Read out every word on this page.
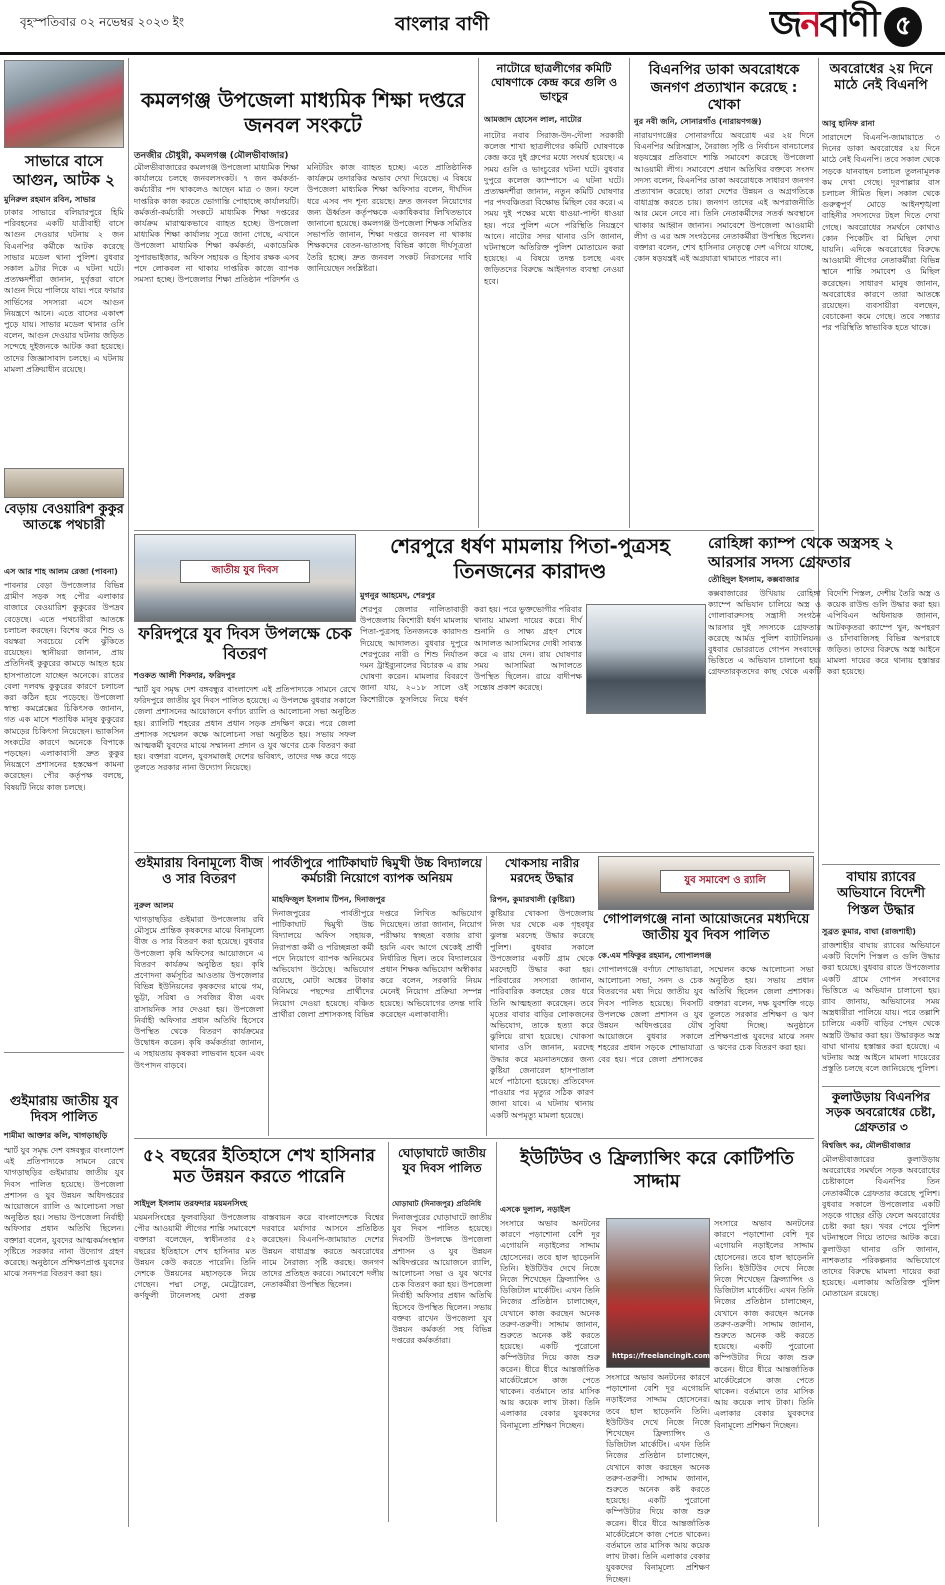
বৃহস্পতিবার ০২ নভেম্বর ২০২৩ ইং	বাংলার বাণী	জ ন বাণী ৫
সাভারে বাসে আগুন, আটক ২
মুনিরুল রহমান রবিন, সাভার
ঢাকার সাভারে বলিয়ারপুরে হিমি পরিবহনের একটি যাত্রীবাহী বাসে আগুন দেওয়ার ঘটনায় ২ জন বিএনপির কর্মীকে আটক করেছে সাভার মডেল থানা পুলিশ। বুধবার সকাল ৯টার দিকে এ ঘটনা ঘটে। প্রত্যক্ষদর্শীরা জানান, দুর্বৃত্তরা বাসে আগুন দিয়ে পালিয়ে যায়। পরে ফায়ার সার্ভিসের সদস্যরা এসে আগুন নিয়ন্ত্রণে আনে। এতে বাসের একাংশ পুড়ে যায়। সাভার মডেল থানার ওসি বলেন, আগুন দেওয়ার ঘটনায় জড়িত সন্দেহে দুইজনকে আটক করা হয়েছে। তাদের জিজ্ঞাসাবাদ চলছে। এ ঘটনায় মামলা প্রক্রিয়াধীন রয়েছে।
বেড়ায় বেওয়ারিশ কুকুর আতঙ্কে পথচারী
এস আর শাহ আলম রেজা (পাবনা)
পাবনার বেড়া উপজেলার বিভিন্ন গ্রামীণ সড়ক সহ পৌর এলাকার বাজারে বেওয়ারিশ কুকুরের উপদ্রব বেড়েছে। এতে পথচারীরা আতঙ্কে চলাচল করছেন। বিশেষ করে শিশু ও বয়স্করা সবচেয়ে বেশি ঝুঁকিতে রয়েছেন। স্থানীয়রা জানান, প্রায় প্রতিদিনই কুকুরের কামড়ে আহত হয়ে হাসপাতালে যাচ্ছেন অনেকে। রাতের বেলা দলবদ্ধ কুকুরের কারণে চলাচল করা কঠিন হয়ে পড়েছে। উপজেলা স্বাস্থ্য কমপ্লেক্সের চিকিৎসক জানান, গত এক মাসে শতাধিক মানুষ কুকুরের কামড়ের চিকিৎসা নিয়েছেন। ভ্যাকসিন সংকটের কারণে অনেকে বিপাকে পড়ছেন। এলাকাবাসী দ্রুত কুকুর নিয়ন্ত্রণে প্রশাসনের হস্তক্ষেপ কামনা করেছেন। পৌর কর্তৃপক্ষ বলছে, বিষয়টি নিয়ে কাজ চলছে।
গুইমারায় জাতীয় যুব দিবস পালিত
শামীমা আক্তার কলি, খাগড়াছড়ি
স্মার্ট যুব সমৃদ্ধ দেশ বঙ্গবন্ধুর বাংলাদেশ এই প্রতিপাদ্যকে সামনে রেখে খাগড়াছড়ির গুইমারায় জাতীয় যুব দিবস পালিত হয়েছে। উপজেলা প্রশাসন ও যুব উন্নয়ন অধিদপ্তরের আয়োজনে র‌্যালি ও আলোচনা সভা অনুষ্ঠিত হয়। সভায় উপজেলা নির্বাহী অফিসার প্রধান অতিথি ছিলেন। বক্তারা বলেন, যুবদের আত্মকর্মসংস্থান সৃষ্টিতে সরকার নানা উদ্যোগ গ্রহণ করেছে। অনুষ্ঠানে প্রশিক্ষণপ্রাপ্ত যুবদের মাঝে সনদপত্র বিতরণ করা হয়।
কমলগঞ্জ উপজেলা মাধ্যমিক শিক্ষা দপ্তরে জনবল সংকটে
তনজীর চৌধুরী, কমলগঞ্জ (মৌলভীবাজার)
মৌলভীবাজারের কমলগঞ্জ উপজেলা মাধ্যমিক শিক্ষা কার্যালয়ে চলছে জনবলসংকট। ৭ জন কর্মকর্তা-কর্মচারীর পদ থাকলেও আছেন মাত্র ৩ জন। ফলে দাপ্তরিক কাজ করতে ভোগান্তি পোহাচ্ছে কার্যালয়টি। কর্মকর্তা-কর্মচারী সংকটে মাধ্যমিক শিক্ষা দপ্তরের কার্যক্রম মারাত্মকভাবে ব্যাহত হচ্ছে। উপজেলা মাধ্যমিক শিক্ষা কার্যালয় সূত্রে জানা গেছে, এখানে উপজেলা মাধ্যমিক শিক্ষা কর্মকর্তা, একাডেমিক সুপারভাইজার, অফিস সহায়ক ও হিসাব রক্ষক এসব পদে লোকবল না থাকায় দাপ্তরিক কাজে ব্যাপক সমস্যা হচ্ছে। উপজেলার শিক্ষা প্রতিষ্ঠান পরিদর্শন ও মনিটরিং কাজ ব্যাহত হচ্ছে। এতে প্রাতিষ্ঠানিক কার্যক্রমে তদারকির অভাব দেখা দিয়েছে। এ বিষয়ে উপজেলা মাধ্যমিক শিক্ষা অফিসার বলেন, দীর্ঘদিন ধরে এসব পদ শূন্য রয়েছে। দ্রুত জনবল নিয়োগের জন্য ঊর্ধ্বতন কর্তৃপক্ষকে একাধিকবার লিখিতভাবে জানানো হয়েছে। কমলগঞ্জ উপজেলা শিক্ষক সমিতির সভাপতি জানান, শিক্ষা দপ্তরে জনবল না থাকায় শিক্ষকদের বেতন-ভাতাসহ বিভিন্ন কাজে দীর্ঘসূত্রতা তৈরি হচ্ছে। দ্রুত জনবল সংকট নিরসনের দাবি জানিয়েছেন সংশ্লিষ্টরা।
নাটোরে ছাত্রলীগের কমিটি ঘোষণাকে কেন্দ্র করে গুলি ও ভাংচুর
আমজাদ হোসেন লাল, নাটোর
নাটোর নবাব সিরাজ-উদ-দৌলা সরকারী কলেজ শাখা ছাত্রলীগের কমিটি ঘোষণাকে কেন্দ্র করে দুই গ্রুপের মধ্যে সংঘর্ষ হয়েছে। এ সময় গুলি ও ভাংচুরের ঘটনা ঘটে। বুধবার দুপুরে কলেজ ক্যাম্পাসে এ ঘটনা ঘটে। প্রত্যক্ষদর্শীরা জানান, নতুন কমিটি ঘোষণার পর পদবঞ্চিতরা বিক্ষোভ মিছিল বের করে। এ সময় দুই পক্ষের মধ্যে ধাওয়া-পাল্টা ধাওয়া হয়। পরে পুলিশ এসে পরিস্থিতি নিয়ন্ত্রণে আনে। নাটোর সদর থানার ওসি জানান, ঘটনাস্থলে অতিরিক্ত পুলিশ মোতায়েন করা হয়েছে। এ বিষয়ে তদন্ত চলছে এবং জড়িতদের বিরুদ্ধে আইনগত ব্যবস্থা নেওয়া হবে।
বিএনপির ডাকা অবরোধকে জনগণ প্রত্যাখান করেছে : খোকা
নুর নবী জনি, সোনারগাঁও (নারায়ণগঞ্জ)
নারায়ণগঞ্জের সোনারগাঁয়ে অবরোধ এর ২য় দিনে বিএনপির অগ্নিসন্ত্রাস, নৈরাজ্য সৃষ্টি ও নির্বাচন বানচালের ষড়যন্ত্রের প্রতিবাদে শান্তি সমাবেশ করেছে উপজেলা আওয়ামী লীগ। সমাবেশে প্রধান অতিথির বক্তব্যে সংসদ সদস্য বলেন, বিএনপির ডাকা অবরোধকে সাধারণ জনগণ প্রত্যাখান করেছে। তারা দেশের উন্নয়ন ও অগ্রগতিকে বাধাগ্রস্ত করতে চায়। জনগণ তাদের এই অপরাজনীতি আর মেনে নেবে না। তিনি নেতাকর্মীদের সতর্ক অবস্থানে থাকার আহ্বান জানান। সমাবেশে উপজেলা আওয়ামী লীগ ও এর অঙ্গ সংগঠনের নেতাকর্মীরা উপস্থিত ছিলেন। বক্তারা বলেন, শেখ হাসিনার নেতৃত্বে দেশ এগিয়ে যাচ্ছে, কোন ষড়যন্ত্রই এই অগ্রযাত্রা থামাতে পারবে না।
অবরোধের ২য় দিনে মাঠে নেই বিএনপি
আবু হানিফ রানা
সারাদেশে বিএনপি-জামায়াতে ৩ দিনের ডাকা অবরোধের ২য় দিনে মাঠে নেই বিএনপি। তবে সকাল থেকে সড়কে যানবাহন চলাচল তুলনামূলক কম দেখা গেছে। দূরপাল্লার বাস চলাচল সীমিত ছিল। সকাল থেকে গুরুত্বপূর্ণ মোড়ে আইনশৃঙ্খলা বাহিনীর সদস্যদের টহল দিতে দেখা গেছে। অবরোধের সমর্থনে কোথাও কোন পিকেটিং বা মিছিল দেখা যায়নি। এদিকে অবরোধের বিরুদ্ধে আওয়ামী লীগের নেতাকর্মীরা বিভিন্ন স্থানে শান্তি সমাবেশ ও মিছিল করেছেন। সাধারণ মানুষ জানান, অবরোধের কারণে তারা আতঙ্কে রয়েছেন। ব্যবসায়ীরা বলছেন, বেচাকেনা কমে গেছে। তবে সন্ধ্যার পর পরিস্থিতি স্বাভাবিক হতে থাকে।
শেরপুরে ধর্ষণ মামলায় পিতা-পুত্রসহ তিনজনের কারাদণ্ড
মুগনুর আহমেদ, শেরপুর
শেরপুর জেলার নালিতাবাড়ী উপজেলায় কিশোরী ধর্ষণ মামলায় পিতা-পুত্রসহ তিনজনকে কারাদণ্ড দিয়েছে আদালত। বুধবার দুপুরে শেরপুরের নারী ও শিশু নির্যাতন দমন ট্রাইব্যুনালের বিচারক এ রায় ঘোষণা করেন। মামলার বিবরণে জানা যায়, ২০১৮ সালে ওই কিশোরীকে ফুসলিয়ে নিয়ে ধর্ষণ করা হয়। পরে ভুক্তভোগীর পরিবার থানায় মামলা দায়ের করে। দীর্ঘ শুনানি ও সাক্ষ্য গ্রহণ শেষে আদালত আসামিদের দোষী সাব্যস্ত করে এ রায় দেন। রায় ঘোষণার সময় আসামিরা আদালতে উপস্থিত ছিলেন। রায়ে বাদীপক্ষ সন্তোষ প্রকাশ করেছে।
রোহিঙ্গা ক্যাম্প থেকে অস্ত্রসহ ২ আরসার সদস্য গ্রেফতার
তৌহিদুল ইসলাম, কক্সবাজার
কক্সবাজারের উখিয়ায় রোহিঙ্গা ক্যাম্পে অভিযান চালিয়ে অস্ত্র ও গোলাবারুদসহ সন্ত্রাসী সংগঠন আরসার দুই সদস্যকে গ্রেফতার করেছে আর্মড পুলিশ ব্যাটালিয়ন। বুধবার ভোররাতে গোপন সংবাদের ভিত্তিতে এ অভিযান চালানো হয়। গ্রেফতারকৃতদের কাছ থেকে একটি বিদেশি পিস্তল, দেশীয় তৈরি অস্ত্র ও কয়েক রাউন্ড গুলি উদ্ধার করা হয়। এপিবিএন অধিনায়ক জানান, আটককৃতরা ক্যাম্পে খুন, অপহরণ ও চাঁদাবাজিসহ বিভিন্ন অপরাধে জড়িত। তাদের বিরুদ্ধে অস্ত্র আইনে মামলা দায়ের করে থানায় হস্তান্তর করা হয়েছে।
জাতীয় যুব দিবস
ফরিদপুরে যুব দিবস উপলক্ষে চেক বিতরণ
শওকত আলী শিকদার, ফরিদপুর
স্মার্ট যুব সমৃদ্ধ দেশ বঙ্গবন্ধুর বাংলাদেশ এই প্রতিপাদ্যকে সামনে রেখে ফরিদপুরে জাতীয় যুব দিবস পালিত হয়েছে। এ উপলক্ষে বুধবার সকালে জেলা প্রশাসনের আয়োজনে বর্ণাঢ্য র‌্যালি ও আলোচনা সভা অনুষ্ঠিত হয়। র‌্যালিটি শহরের প্রধান প্রধান সড়ক প্রদক্ষিণ করে। পরে জেলা প্রশাসক সম্মেলন কক্ষে আলোচনা সভা অনুষ্ঠিত হয়। সভায় সফল আত্মকর্মী যুবদের মাঝে সম্মাননা প্রদান ও যুব ঋণের চেক বিতরণ করা হয়। বক্তারা বলেন, যুবসমাজই দেশের ভবিষ্যৎ, তাদের দক্ষ করে গড়ে তুলতে সরকার নানা উদ্যোগ নিয়েছে।
গুইমারায় বিনামূল্যে বীজ ও সার বিতরণ
নুরুল আলম
খাগড়াছড়ির গুইমারা উপজেলায় রবি মৌসুমে প্রান্তিক কৃষকদের মাঝে বিনামূল্যে বীজ ও সার বিতরণ করা হয়েছে। বুধবার উপজেলা কৃষি অফিসের আয়োজনে এ বিতরণ কার্যক্রম অনুষ্ঠিত হয়। কৃষি প্রণোদনা কর্মসূচির আওতায় উপজেলার বিভিন্ন ইউনিয়নের কৃষকদের মাঝে গম, ভুট্টা, সরিষা ও সবজির বীজ এবং রাসায়নিক সার দেওয়া হয়। উপজেলা নির্বাহী অফিসার প্রধান অতিথি হিসেবে উপস্থিত থেকে বিতরণ কার্যক্রমের উদ্বোধন করেন। কৃষি কর্মকর্তারা জানান, এ সহায়তায় কৃষকরা লাভবান হবেন এবং উৎপাদন বাড়বে।
পার্বতীপুরে পাটিকাঘাট দ্বিমুখী উচ্চ বিদ্যালয়ে কর্মচারী নিয়োগে ব্যাপক অনিয়ম
মাহফিজুল ইসলাম টিপন, দিনাজপুর
দিনাজপুরের পার্বতীপুরে পাটিকাঘাট দ্বিমুখী উচ্চ বিদ্যালয়ে অফিস সহায়ক, নিরাপত্তা কর্মী ও পরিচ্ছন্নতা কর্মী পদে নিয়োগে ব্যাপক অনিয়মের অভিযোগ উঠেছে। অভিযোগ রয়েছে, মোটা অঙ্কের টাকার বিনিময়ে পছন্দের প্রার্থীদের নিয়োগ দেওয়া হয়েছে। বঞ্চিত প্রার্থীরা জেলা প্রশাসকসহ বিভিন্ন দপ্তরে লিখিত অভিযোগ দিয়েছেন। তারা জানান, নিয়োগ পরীক্ষায় স্বচ্ছতা বজায় রাখা হয়নি এবং আগে থেকেই প্রার্থী নির্ধারিত ছিল। তবে বিদ্যালয়ের প্রধান শিক্ষক অভিযোগ অস্বীকার করে বলেন, সরকারি নিয়ম মেনেই নিয়োগ প্রক্রিয়া সম্পন্ন হয়েছে। অভিযোগের তদন্ত দাবি করেছেন এলাকাবাসী।
খোকসায় নারীর মরদেহ উদ্ধার
রিপন, কুমারখালী (কুষ্টিয়া)
কুষ্টিয়ার খোকসা উপজেলায় নিজ ঘর থেকে এক গৃহবধূর ঝুলন্ত মরদেহ উদ্ধার করেছে পুলিশ। বুধবার সকালে উপজেলার একটি গ্রাম থেকে মরদেহটি উদ্ধার করা হয়। পরিবারের সদস্যরা জানান, পারিবারিক কলহের জের ধরে তিনি আত্মহত্যা করেছেন। তবে মৃতের বাবার বাড়ির লোকজনের অভিযোগ, তাকে হত্যা করে ঝুলিয়ে রাখা হয়েছে। খোকসা থানার ওসি জানান, মরদেহ উদ্ধার করে ময়নাতদন্তের জন্য কুষ্টিয়া জেনারেল হাসপাতাল মর্গে পাঠানো হয়েছে। প্রতিবেদন পাওয়ার পর মৃত্যুর সঠিক কারণ জানা যাবে। এ ঘটনায় থানায় একটি অপমৃত্যু মামলা হয়েছে।
যুব সমাবেশ ও র‌্যালি
গোপালগঞ্জে নানা আয়োজনের মধ্যদিয়ে জাতীয় যুব দিবস পালিত
কে.এম শফিকুর রহমান, গোপালগঞ্জ
গোপালগঞ্জে বর্ণাঢ্য শোভাযাত্রা, আলোচনা সভা, সনদ ও চেক বিতরণের মধ্য দিয়ে জাতীয় যুব দিবস পালিত হয়েছে। দিবসটি উপলক্ষে জেলা প্রশাসন ও যুব উন্নয়ন অধিদপ্তরের যৌথ আয়োজনে বুধবার সকালে শহরের প্রধান সড়কে শোভাযাত্রা বের হয়। পরে জেলা প্রশাসকের সম্মেলন কক্ষে আলোচনা সভা অনুষ্ঠিত হয়। সভায় প্রধান অতিথি ছিলেন জেলা প্রশাসক। বক্তারা বলেন, দক্ষ যুবশক্তি গড়ে তুলতে সরকার প্রশিক্ষণ ও ঋণ সুবিধা দিচ্ছে। অনুষ্ঠানে প্রশিক্ষণপ্রাপ্ত যুবদের মাঝে সনদ ও ঋণের চেক বিতরণ করা হয়।
বাঘায় র‌্যাবের অভিযানে বিদেশী পিস্তল উদ্ধার
সুব্রত কুমার, বাঘা (রাজশাহী)
রাজশাহীর বাঘায় র‌্যাবের অভিযানে একটি বিদেশি পিস্তল ও গুলি উদ্ধার করা হয়েছে। বুধবার রাতে উপজেলার একটি গ্রামে গোপন সংবাদের ভিত্তিতে এ অভিযান চালানো হয়। র‌্যাব জানায়, অভিযানের সময় অস্ত্রধারীরা পালিয়ে যায়। পরে তল্লাশি চালিয়ে একটি বাড়ির পেছন থেকে অস্ত্রটি উদ্ধার করা হয়। উদ্ধারকৃত অস্ত্র বাঘা থানায় হস্তান্তর করা হয়েছে। এ ঘটনায় অস্ত্র আইনে মামলা দায়েরের প্রস্তুতি চলছে বলে জানিয়েছে পুলিশ।
কুলাউড়ায় বিএনপির সড়ক অবরোধের চেষ্টা, গ্রেফতার ৩
বিশ্বজিৎ কর, মৌলভীবাজার
মৌলভীবাজারের কুলাউড়ায় অবরোধের সমর্থনে সড়ক অবরোধের চেষ্টাকালে বিএনপির তিন নেতাকর্মীকে গ্রেফতার করেছে পুলিশ। বুধবার সকালে উপজেলার একটি সড়কে গাছের গুঁড়ি ফেলে অবরোধের চেষ্টা করা হয়। খবর পেয়ে পুলিশ ঘটনাস্থলে গিয়ে তাদের আটক করে। কুলাউড়া থানার ওসি জানান, নাশকতার পরিকল্পনার অভিযোগে তাদের বিরুদ্ধে মামলা দায়ের করা হয়েছে। এলাকায় অতিরিক্ত পুলিশ মোতায়েন রয়েছে।
৫২ বছরের ইতিহাসে শেখ হাসিনার মত উন্নয়ন করতে পারেনি
সাইদুল ইসলাম তরফদার ময়মনসিংহ
ময়মনসিংহের ফুলবাড়িয়া উপজেলায় পৌর আওয়ামী লীগের শান্তি সমাবেশে বক্তারা বলেছেন, স্বাধীনতার ৫২ বছরের ইতিহাসে শেখ হাসিনার মত উন্নয়ন কেউ করতে পারেনি। তিনি দেশকে উন্নয়নের মহাসড়কে নিয়ে গেছেন। পদ্মা সেতু, মেট্রোরেল, কর্ণফুলী টানেলসহ মেগা প্রকল্প বাস্তবায়ন করে বাংলাদেশকে বিশ্বের দরবারে মর্যাদার আসনে প্রতিষ্ঠিত করেছেন। বিএনপি-জামায়াত দেশের উন্নয়ন বাধাগ্রস্ত করতে অবরোধের নামে নৈরাজ্য সৃষ্টি করছে। জনগণ তাদের প্রতিহত করবে। সমাবেশে দলীয় নেতাকর্মীরা উপস্থিত ছিলেন।
ঘোড়াঘাটে জাতীয় যুব দিবস পালিত
ঘোড়াঘাট (দিনাজপুর) প্রতিনিধি
দিনাজপুরের ঘোড়াঘাটে জাতীয় যুব দিবস পালিত হয়েছে। দিবসটি উপলক্ষে উপজেলা প্রশাসন ও যুব উন্নয়ন অধিদপ্তরের আয়োজনে র‌্যালি, আলোচনা সভা ও যুব ঋণের চেক বিতরণ করা হয়। উপজেলা নির্বাহী অফিসার প্রধান অতিথি হিসেবে উপস্থিত ছিলেন। সভায় বক্তব্য রাখেন উপজেলা যুব উন্নয়ন কর্মকর্তা সহ বিভিন্ন দপ্তরের কর্মকর্তারা।
ইউটিউব ও ফ্রিল্যান্সিং করে কোটিপতি সাদ্দাম
এসকে দুলাল, নড়াইল
সংসারে অভাব অনটনের কারণে পড়াশোনা বেশি দূর এগোয়নি নড়াইলের সাদ্দাম হোসেনের। তবে হাল ছাড়েননি তিনি। ইউটিউব দেখে নিজে নিজে শিখেছেন ফ্রিল্যান্সিং ও ডিজিটাল মার্কেটিং। এখন তিনি নিজের প্রতিষ্ঠান চালাচ্ছেন, যেখানে কাজ করছেন অনেক তরুণ-তরুণী। সাদ্দাম জানান, শুরুতে অনেক কষ্ট করতে হয়েছে। একটি পুরোনো কম্পিউটার দিয়ে কাজ শুরু করেন। ধীরে ধীরে আন্তর্জাতিক মার্কেটপ্লেসে কাজ পেতে থাকেন। বর্তমানে তার মাসিক আয় কয়েক লাখ টাকা। তিনি এলাকার বেকার যুবকদের বিনামূল্যে প্রশিক্ষণ দিচ্ছেন।
https://freelancingit.com
সংসারে অভাব অনটনের কারণে পড়াশোনা বেশি দূর এগোয়নি নড়াইলের সাদ্দাম হোসেনের। তবে হাল ছাড়েননি তিনি। ইউটিউব দেখে নিজে নিজে শিখেছেন ফ্রিল্যান্সিং ও ডিজিটাল মার্কেটিং। এখন তিনি নিজের প্রতিষ্ঠান চালাচ্ছেন, যেখানে কাজ করছেন অনেক তরুণ-তরুণী। সাদ্দাম জানান, শুরুতে অনেক কষ্ট করতে হয়েছে। একটি পুরোনো কম্পিউটার দিয়ে কাজ শুরু করেন। ধীরে ধীরে আন্তর্জাতিক মার্কেটপ্লেসে কাজ পেতে থাকেন। বর্তমানে তার মাসিক আয় কয়েক লাখ টাকা। তিনি এলাকার বেকার যুবকদের বিনামূল্যে প্রশিক্ষণ দিচ্ছেন।
সংসারে অভাব অনটনের কারণে পড়াশোনা বেশি দূর এগোয়নি নড়াইলের সাদ্দাম হোসেনের। তবে হাল ছাড়েননি তিনি। ইউটিউব দেখে নিজে নিজে শিখেছেন ফ্রিল্যান্সিং ও ডিজিটাল মার্কেটিং। এখন তিনি নিজের প্রতিষ্ঠান চালাচ্ছেন, যেখানে কাজ করছেন অনেক তরুণ-তরুণী। সাদ্দাম জানান, শুরুতে অনেক কষ্ট করতে হয়েছে। একটি পুরোনো কম্পিউটার দিয়ে কাজ শুরু করেন। ধীরে ধীরে আন্তর্জাতিক মার্কেটপ্লেসে কাজ পেতে থাকেন। বর্তমানে তার মাসিক আয় কয়েক লাখ টাকা। তিনি এলাকার বেকার যুবকদের বিনামূল্যে প্রশিক্ষণ দিচ্ছেন।
